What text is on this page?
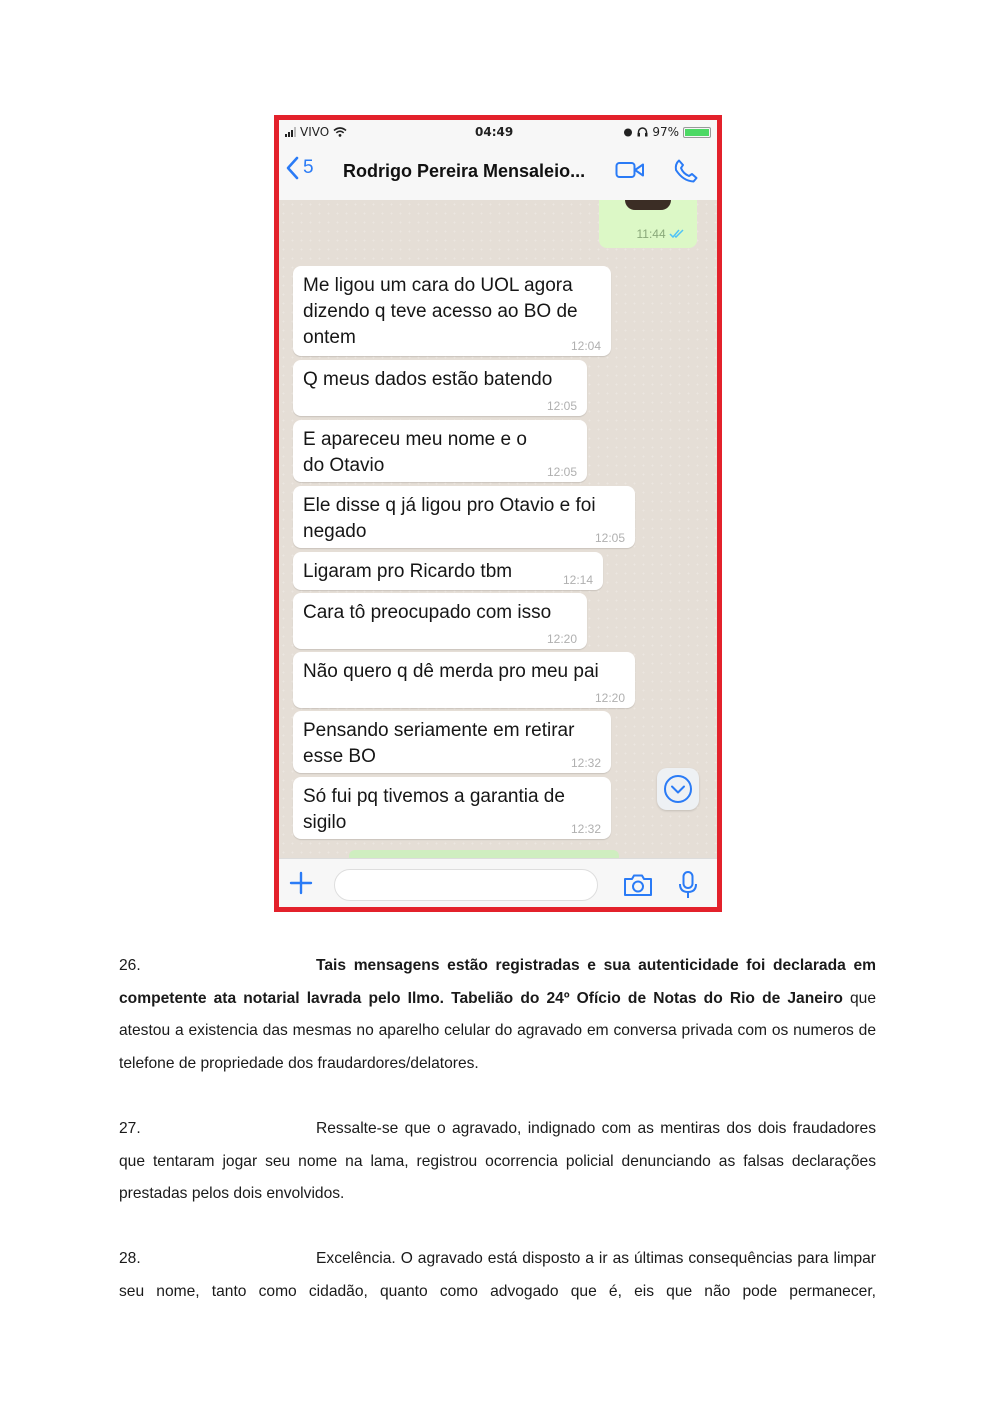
VIVO	04:49	97%
5 Rodrigo Pereira Mensaleio...
11:44
Me ligou um cara do UOL agora dizendo q teve acesso ao BO de ontem	12:04
Q meus dados estão batendo
12:05
E apareceu meu nome e o do Otavio	12:05
Ele disse q já ligou pro Otavio e foi negado	12:05
Ligaram pro Ricardo tbm	12:14
Cara tô preocupado com isso
12:20
Não quero q dê merda pro meu pai
12:20
Pensando seriamente em retirar esse BO	12:32
Só fui pq tivemos a garantia de sigilo	12:32
26.	Tais mensagens estão registradas e sua autenticidade foi declarada em competente ata notarial lavrada pelo Ilmo. Tabelião do 24º Ofício de Notas do Rio de Janeiro que atestou a existencia das mesmas no aparelho celular do agravado em conversa privada com os numeros de telefone de propriedade dos fraudardores/delatores.
27.	Ressalte-se que o agravado, indignado com as mentiras dos dois fraudadores que tentaram jogar seu nome na lama, registrou ocorrencia policial denunciando as falsas declarações prestadas pelos dois envolvidos.
28.	Excelência. O agravado está disposto a ir as últimas consequências para limpar seu nome, tanto como cidadão, quanto como advogado que é, eis que não pode permanecer,
